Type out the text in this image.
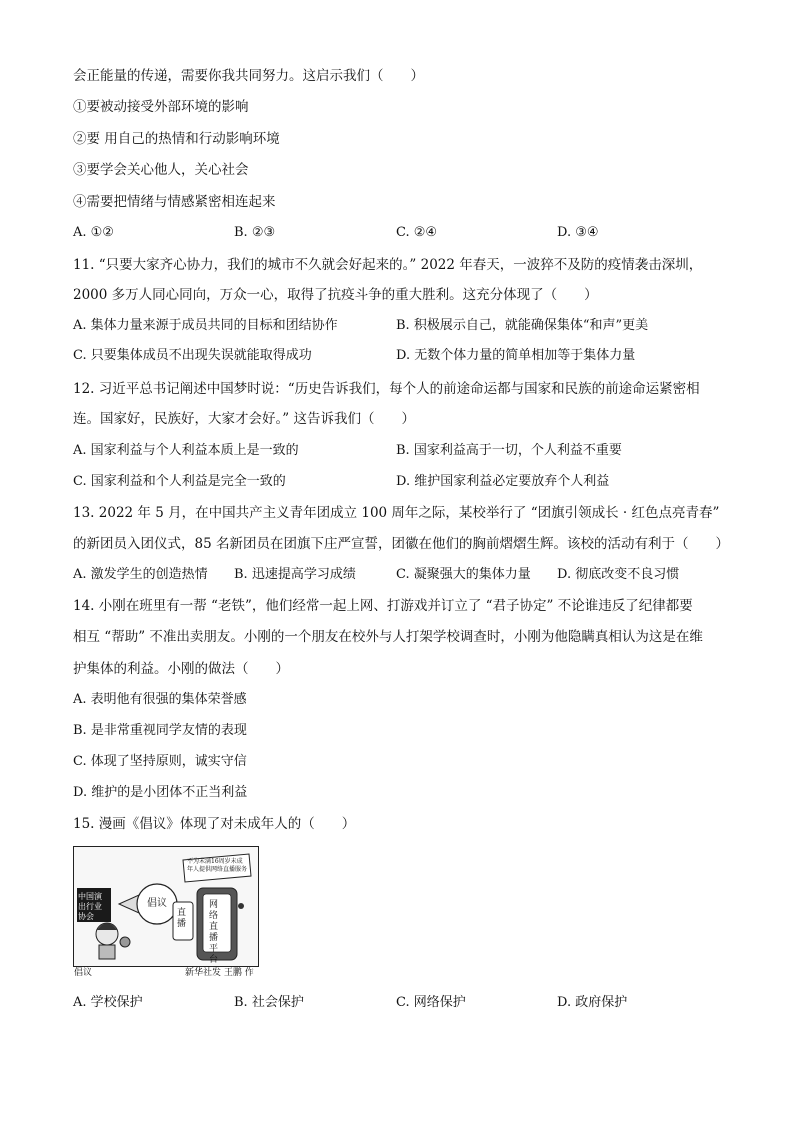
会正能量的传递，需要你我共同努力。这启示我们（　　）
①要被动接受外部环境的影响
②要 用自己的热情和行动影响环境
③要学会关心他人，关心社会
④需要把情绪与情感紧密相连起来
A. ①②	B. ②③	C. ②④	D. ③④
11. “只要大家齐心协力，我们的城市不久就会好起来的。” 2022 年春天，一波猝不及防的疫情袭击深圳，
2000 多万人同心同向，万众一心，取得了抗疫斗争的重大胜利。这充分体现了（　　）
A. 集体力量来源于成员共同的目标和团结协作	B. 积极展示自己，就能确保集体“和声”更美
C. 只要集体成员不出现失误就能取得成功	D. 无数个体力量的简单相加等于集体力量
12. 习近平总书记阐述中国梦时说：“历史告诉我们，每个人的前途命运都与国家和民族的前途命运紧密相
连。国家好，民族好，大家才会好。” 这告诉我们（　　）
A. 国家利益与个人利益本质上是一致的	B. 国家利益高于一切，个人利益不重要
C. 国家利益和个人利益是完全一致的	D. 维护国家利益必定要放弃个人利益
13. 2022 年 5 月，在中国共产主义青年团成立 100 周年之际，某校举行了 “团旗引领成长 · 红色点亮青春”
的新团员入团仪式，85 名新团员在团旗下庄严宣誓，团徽在他们的胸前熠熠生辉。该校的活动有利于（　　）
A. 激发学生的创造热情 B. 迅速提高学习成绩	C. 凝聚强大的集体力量 D. 彻底改变不良习惯
14. 小刚在班里有一帮 “老铁”，他们经常一起上网、打游戏并订立了 “君子协定” 不论谁违反了纪律都要
相互 “帮助” 不准出卖朋友。小刚的一个朋友在校外与人打架学校调查时，小刚为他隐瞒真相认为这是在维
护集体的利益。小刚的做法（　　）
A. 表明他有很强的集体荣誉感
B. 是非常重视同学友情的表现
C. 体现了坚持原则，诚实守信
D. 维护的是小团体不正当利益
15. 漫画《倡议》体现了对未成年人的（　　）
中国演出行业协会
倡议
不为未满16周岁未成年人提供网络直播服务
直播
网络直播平台
倡议	新华社发 王鹏 作
A. 学校保护	B. 社会保护	C. 网络保护	D. 政府保护
